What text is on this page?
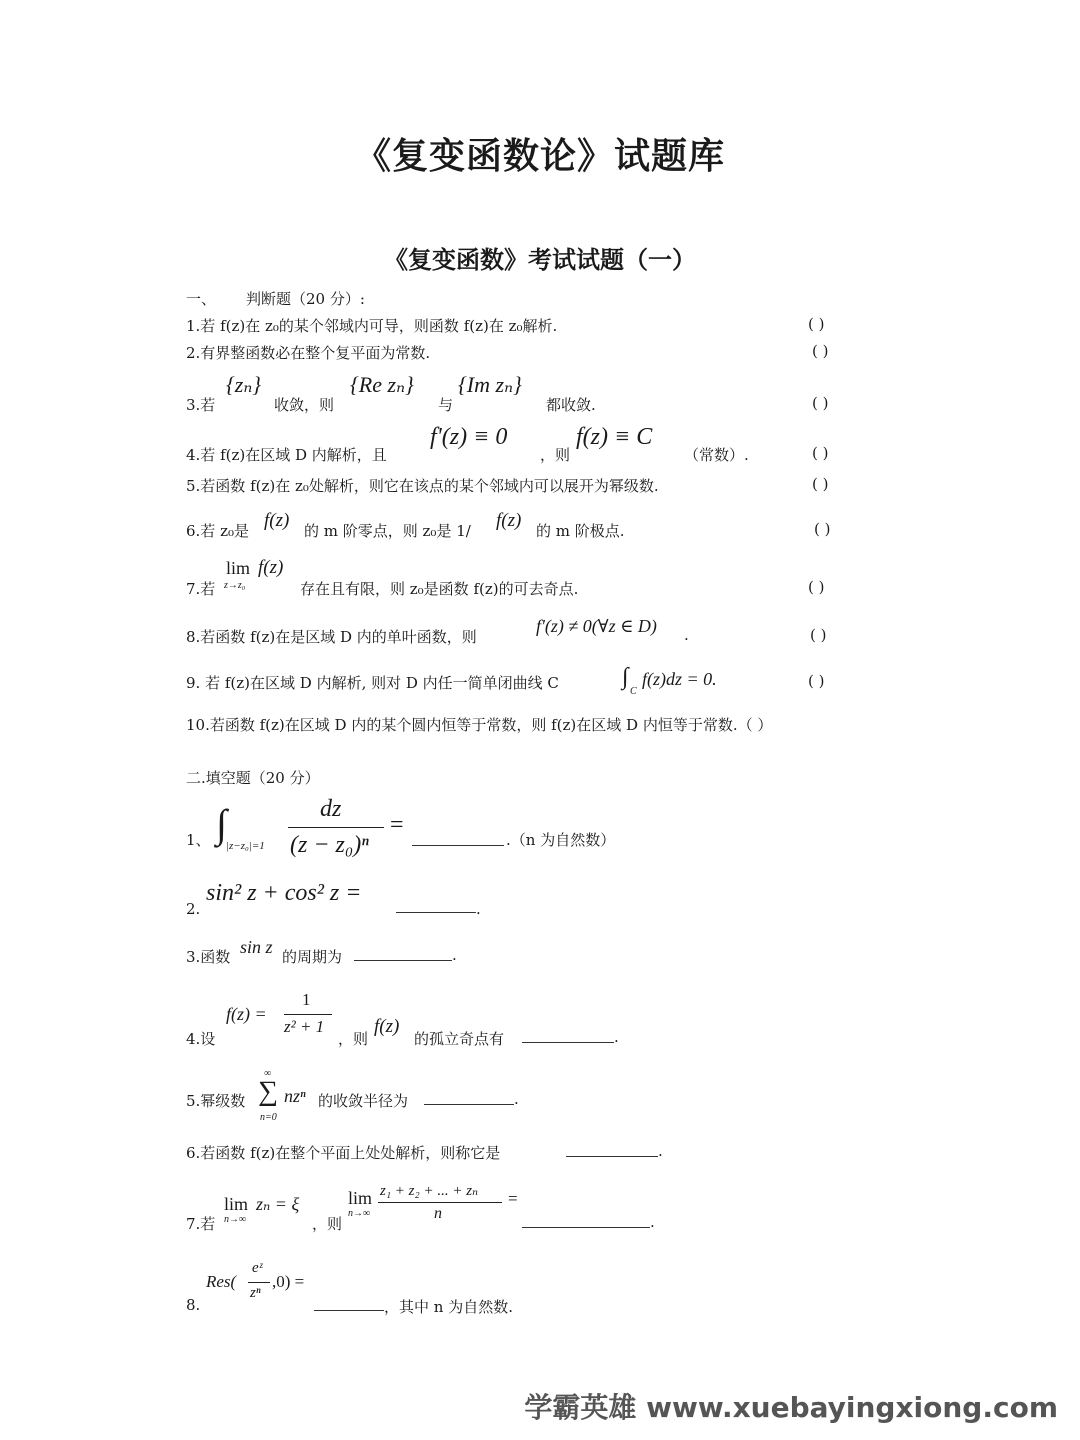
《复变函数论》试题库
《复变函数》考试试题（一）
一、 判断题（20 分）:
1.若 f(z)在 z₀的某个邻域内可导，则函数 f(z)在 z₀解析.	( )
2.有界整函数必在整个复平面为常数.	( )
3.若
{zₙ}
收敛，则
{Re zₙ}
与
{Im zₙ}
都收敛.	( )
4.若 f(z)在区域 D 内解析，且
f'(z) ≡ 0
，则
f(z) ≡ C
（常数）.	( )
5.若函数 f(z)在 z₀处解析，则它在该点的某个邻域内可以展开为幂级数.	( )
6.若 z₀是 f(z) 的 m 阶零点，则 z₀是 1/ f(z) 的 m 阶极点.	( )
7.若
lim
z→z₀
f(z)
存在且有限，则 z₀是函数 f(z)的可去奇点.	( )
8.若函数 f(z)在是区域 D 内的单叶函数，则
f'(z) ≠ 0(∀z ∈ D) .	( )
9. 若 f(z)在区域 D 内解析, 则对 D 内任一简单闭曲线 C	∫
C
f(z)dz = 0.	( )
10.若函数 f(z)在区域 D 内的某个圆内恒等于常数，则 f(z)在区域 D 内恒等于常数.（ ）
二.填空题（20 分）
1、 ∫ |z−z₀|=1
dz
(z − z₀)ⁿ
=
.（n 为自然数）
2.
sin² z + cos² z =
.
3.函数 sin z 的周期为	.
4.设
f(z) =
1
z² + 1
，则
f(z)
的孤立奇点有	.
5.幂级数
∞
∑
n=0
nzⁿ 的收敛半径为	.
6.若函数 f(z)在整个平面上处处解析，则称它是	.
7.若
lim
n→∞
zₙ = ξ
，则
lim
n→∞
z₁ + z₂ + ... + zₙ
n
=
.
8.
Res(
eᶻ
zⁿ
,0) =
，其中 n 为自然数.
学霸英雄 www.xuebayingxiong.com
